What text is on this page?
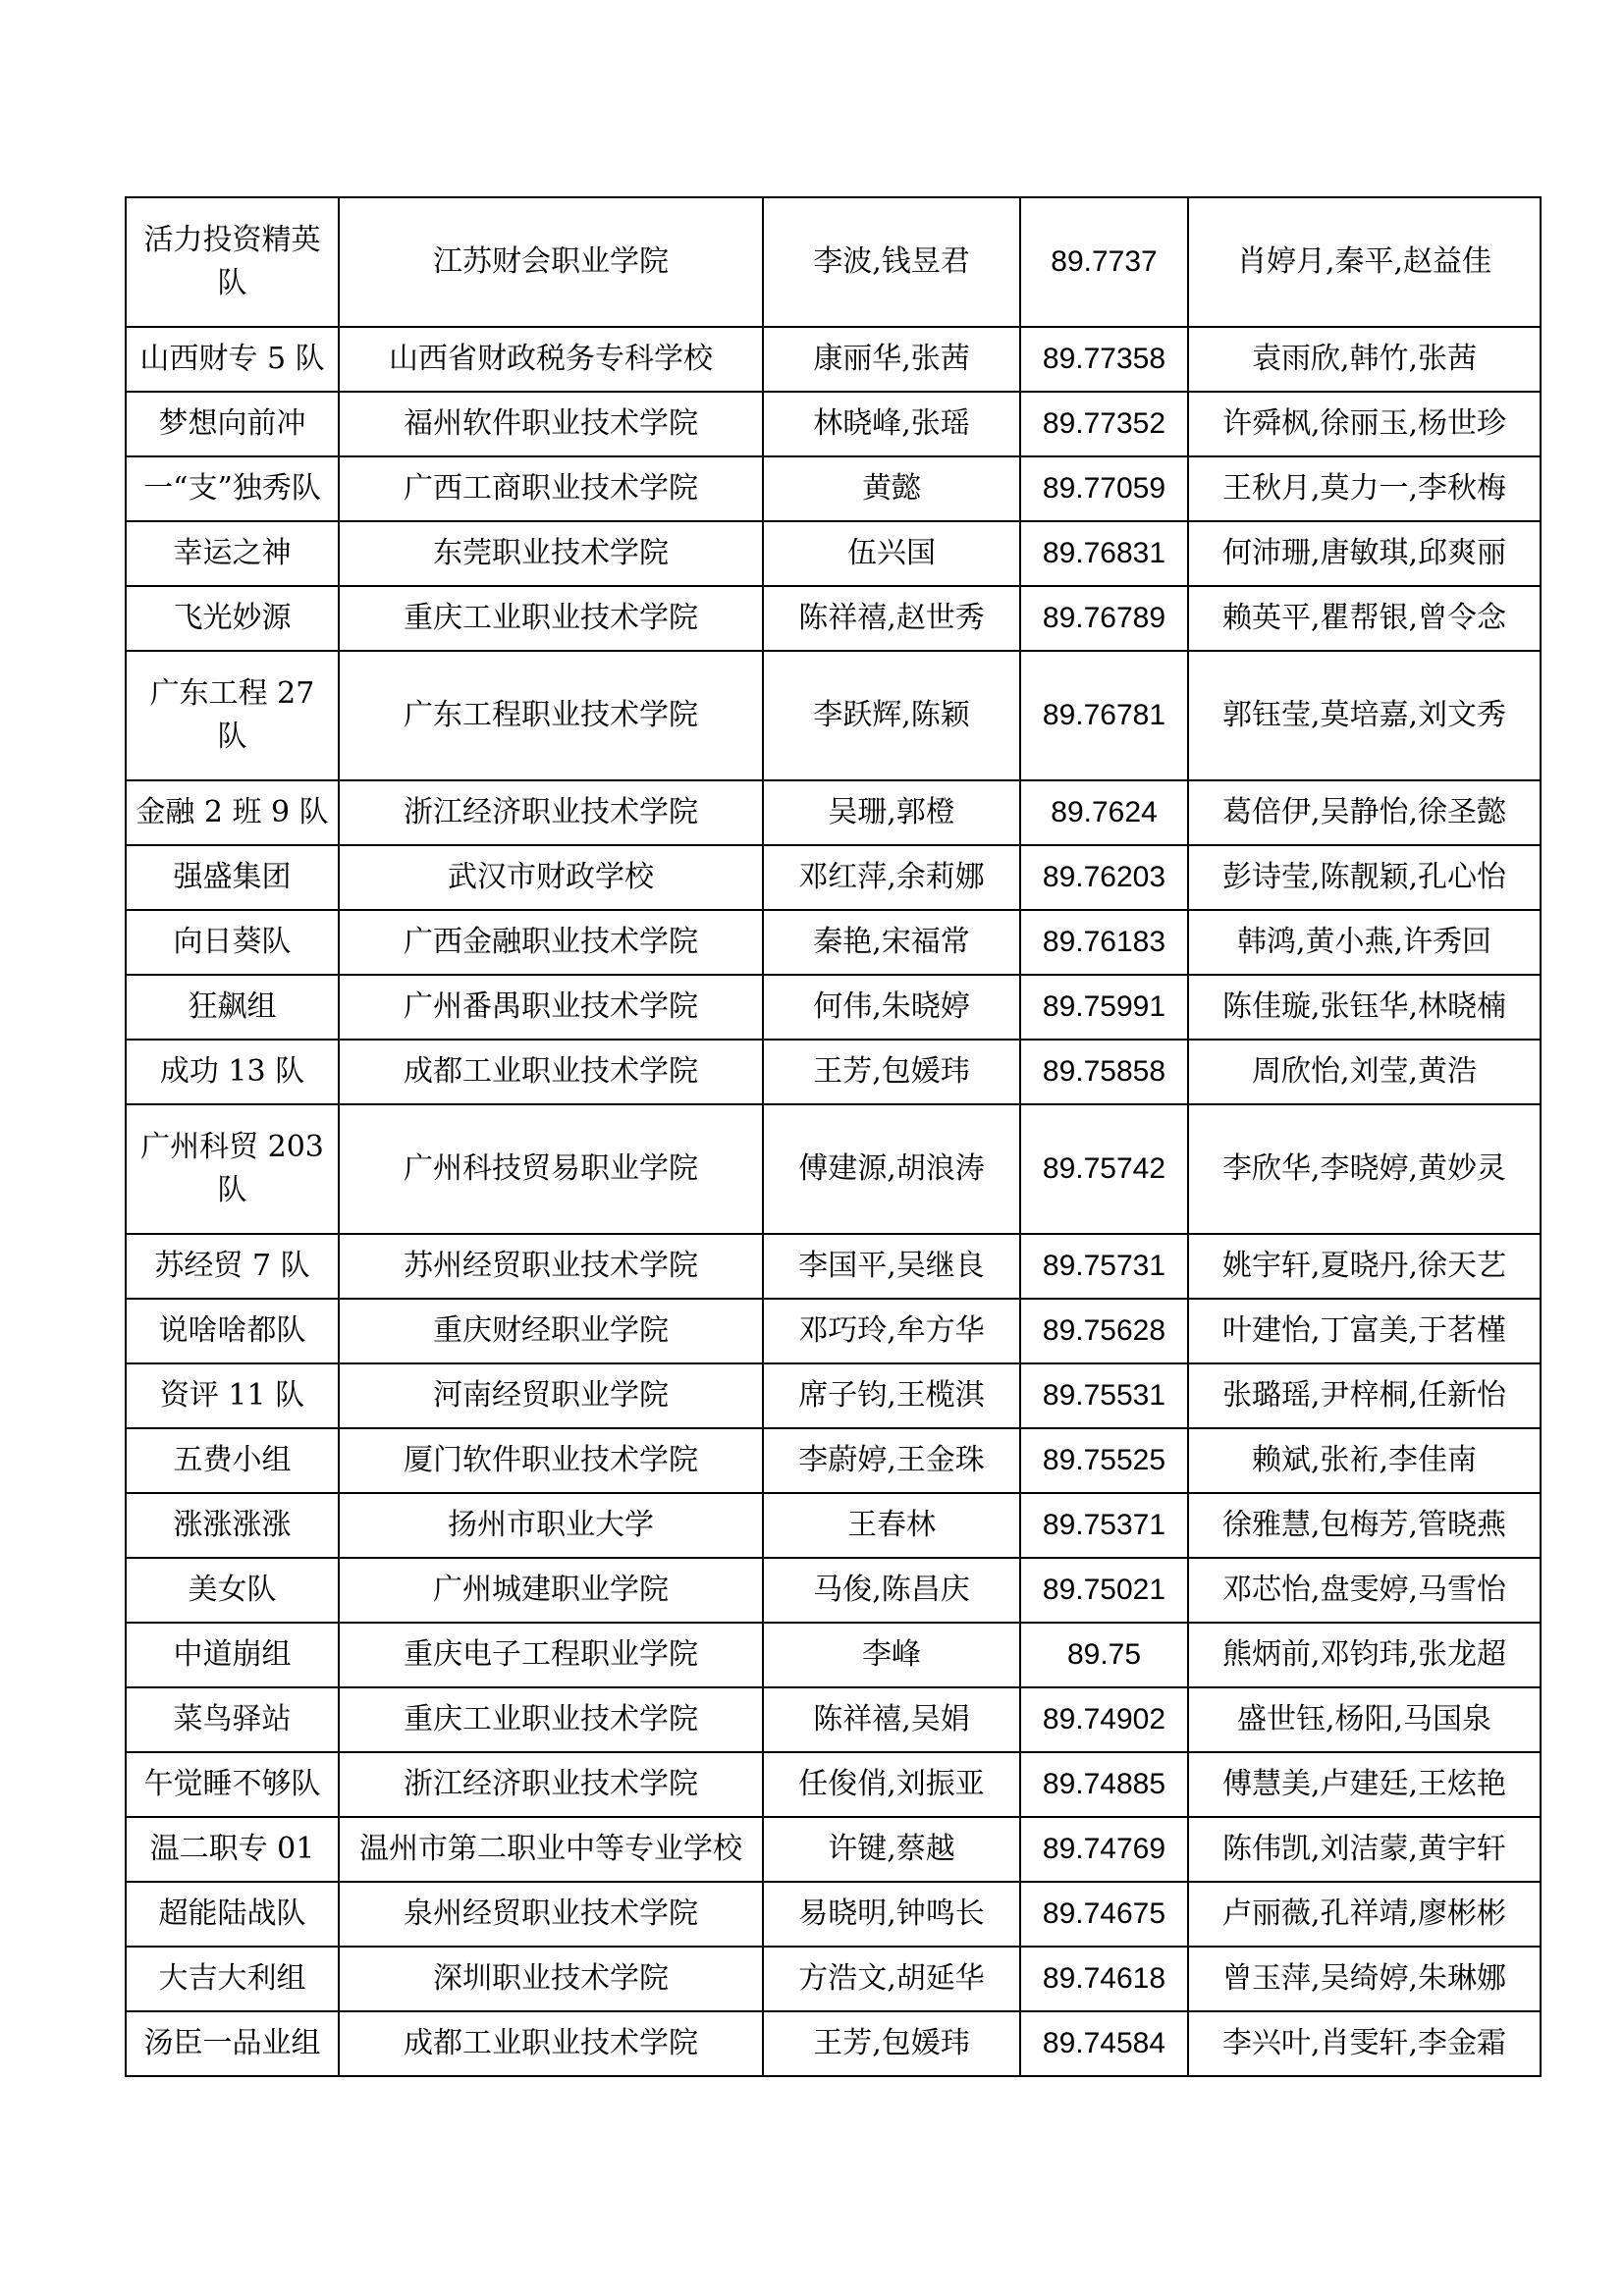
活力投资精英队	江苏财会职业学院	李波,钱昱君	89.7737	肖婷月,秦平,赵益佳
山西财专 5 队	山西省财政税务专科学校	康丽华,张茜	89.77358	袁雨欣,韩竹,张茜
梦想向前冲	福州软件职业技术学院	林晓峰,张瑶	89.77352	许舜枫,徐丽玉,杨世珍
一“支”独秀队	广西工商职业技术学院	黄懿	89.77059	王秋月,莫力一,李秋梅
幸运之神	东莞职业技术学院	伍兴国	89.76831	何沛珊,唐敏琪,邱爽丽
飞光妙源	重庆工业职业技术学院	陈祥禧,赵世秀	89.76789	赖英平,瞿帮银,曾令念
广东工程 27 队	广东工程职业技术学院	李跃辉,陈颖	89.76781	郭钰莹,莫培嘉,刘文秀
金融 2 班 9 队	浙江经济职业技术学院	吴珊,郭橙	89.7624	葛倍伊,吴静怡,徐圣懿
强盛集团	武汉市财政学校	邓红萍,余莉娜	89.76203	彭诗莹,陈靓颖,孔心怡
向日葵队	广西金融职业技术学院	秦艳,宋福常	89.76183	韩鸿,黄小燕,许秀回
狂飙组	广州番禺职业技术学院	何伟,朱晓婷	89.75991	陈佳璇,张钰华,林晓楠
成功 13 队	成都工业职业技术学院	王芳,包媛玮	89.75858	周欣怡,刘莹,黄浩
广州科贸 203 队	广州科技贸易职业学院	傅建源,胡浪涛	89.75742	李欣华,李晓婷,黄妙灵
苏经贸 7 队	苏州经贸职业技术学院	李国平,吴继良	89.75731	姚宇轩,夏晓丹,徐天艺
说啥啥都队	重庆财经职业学院	邓巧玲,牟方华	89.75628	叶建怡,丁富美,于茗槿
资评 11 队	河南经贸职业学院	席子钧,王榄淇	89.75531	张璐瑶,尹梓桐,任新怡
五费小组	厦门软件职业技术学院	李蔚婷,王金珠	89.75525	赖斌,张裄,李佳南
涨涨涨涨	扬州市职业大学	王春林	89.75371	徐雅慧,包梅芳,管晓燕
美女队	广州城建职业学院	马俊,陈昌庆	89.75021	邓芯怡,盘雯婷,马雪怡
中道崩组	重庆电子工程职业学院	李峰	89.75	熊炳前,邓钧玮,张龙超
菜鸟驿站	重庆工业职业技术学院	陈祥禧,吴娟	89.74902	盛世钰,杨阳,马国泉
午觉睡不够队	浙江经济职业技术学院	任俊俏,刘振亚	89.74885	傅慧美,卢建廷,王炫艳
温二职专 01	温州市第二职业中等专业学校	许键,蔡越	89.74769	陈伟凯,刘洁蒙,黄宇轩
超能陆战队	泉州经贸职业技术学院	易晓明,钟鸣长	89.74675	卢丽薇,孔祥靖,廖彬彬
大吉大利组	深圳职业技术学院	方浩文,胡延华	89.74618	曾玉萍,吴绮婷,朱琳娜
汤臣一品业组	成都工业职业技术学院	王芳,包媛玮	89.74584	李兴叶,肖雯轩,李金霜
